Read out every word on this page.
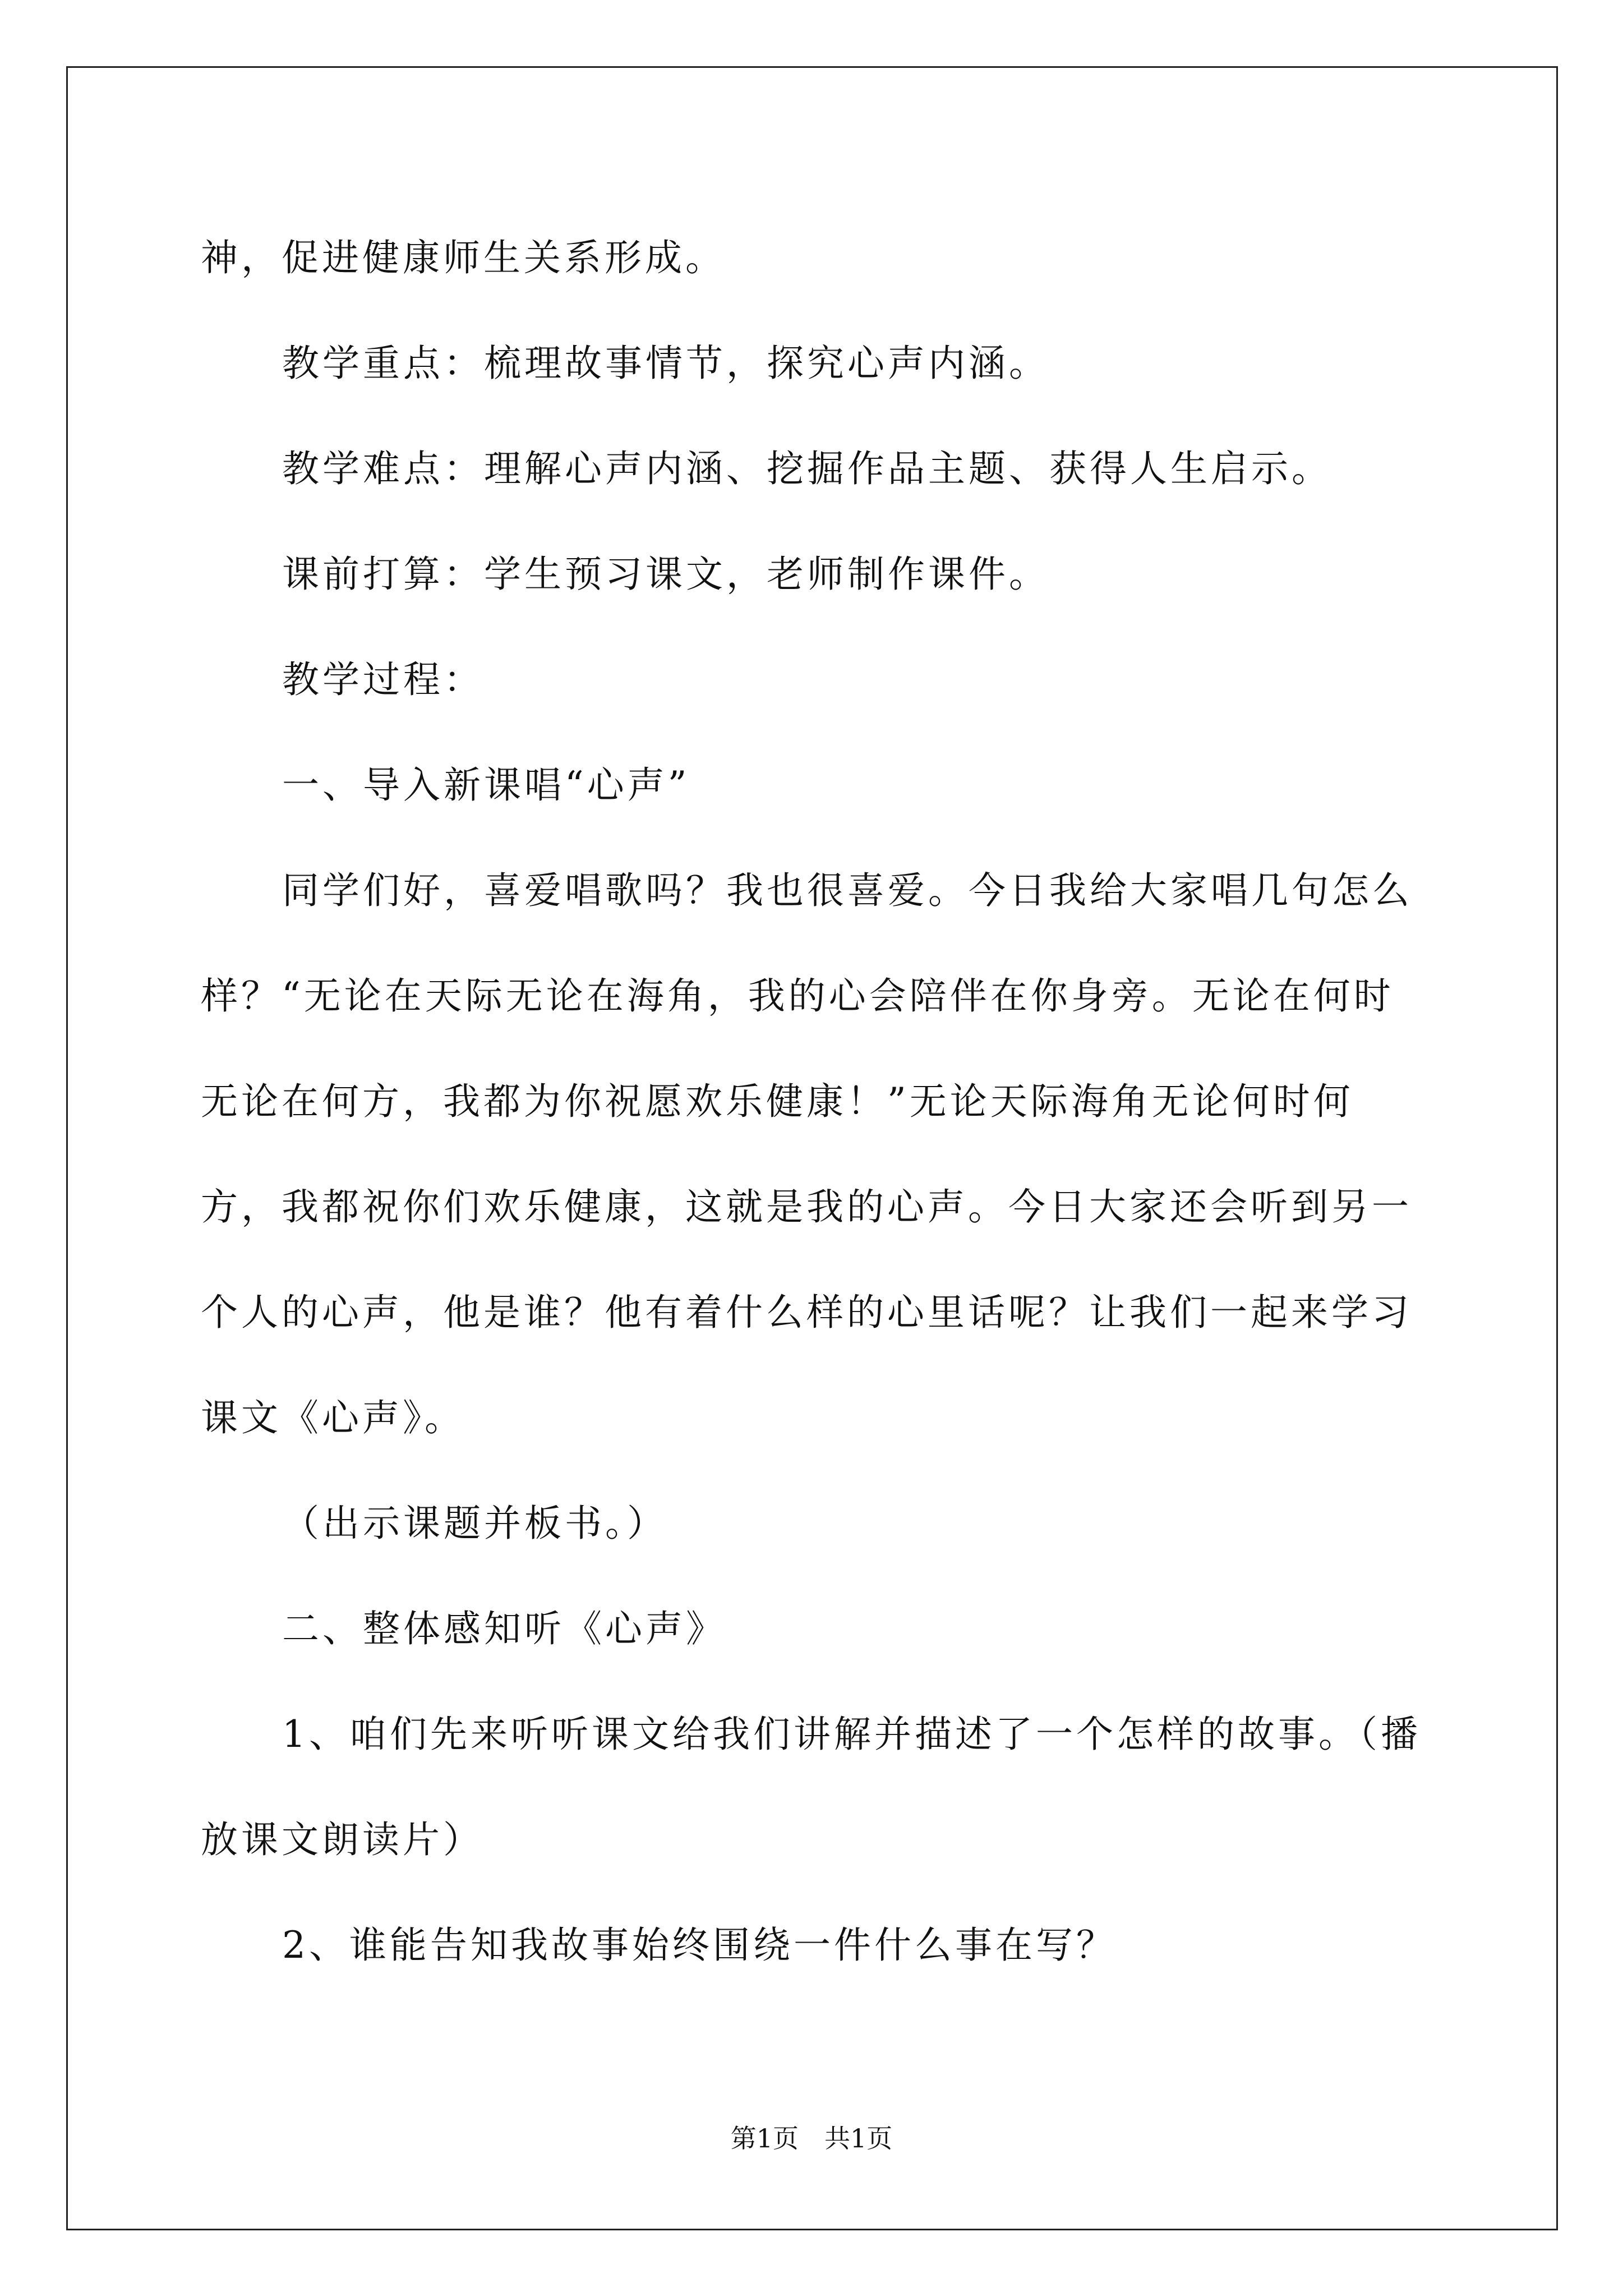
神，促进健康师生关系形成。

教学重点：梳理故事情节，探究心声内涵。

教学难点：理解心声内涵、挖掘作品主题、获得人生启示。

课前打算：学生预习课文，老师制作课件。

教学过程：

一、导入新课唱“心声”

同学们好，喜爱唱歌吗？我也很喜爱。今日我给大家唱几句怎么样？“无论在天际无论在海角，我的心会陪伴在你身旁。无论在何时无论在何方，我都为你祝愿欢乐健康！”无论天际海角无论何时何方，我都祝你们欢乐健康，这就是我的心声。今日大家还会听到另一个人的心声，他是谁？他有着什么样的心里话呢？让我们一起来学习课文《心声》。

（出示课题并板书。）

二、整体感知听《心声》

1、咱们先来听听课文给我们讲解并描述了一个怎样的故事。（播放课文朗读片）

2、谁能告知我故事始终围绕一件什么事在写？

第1页　共1页
